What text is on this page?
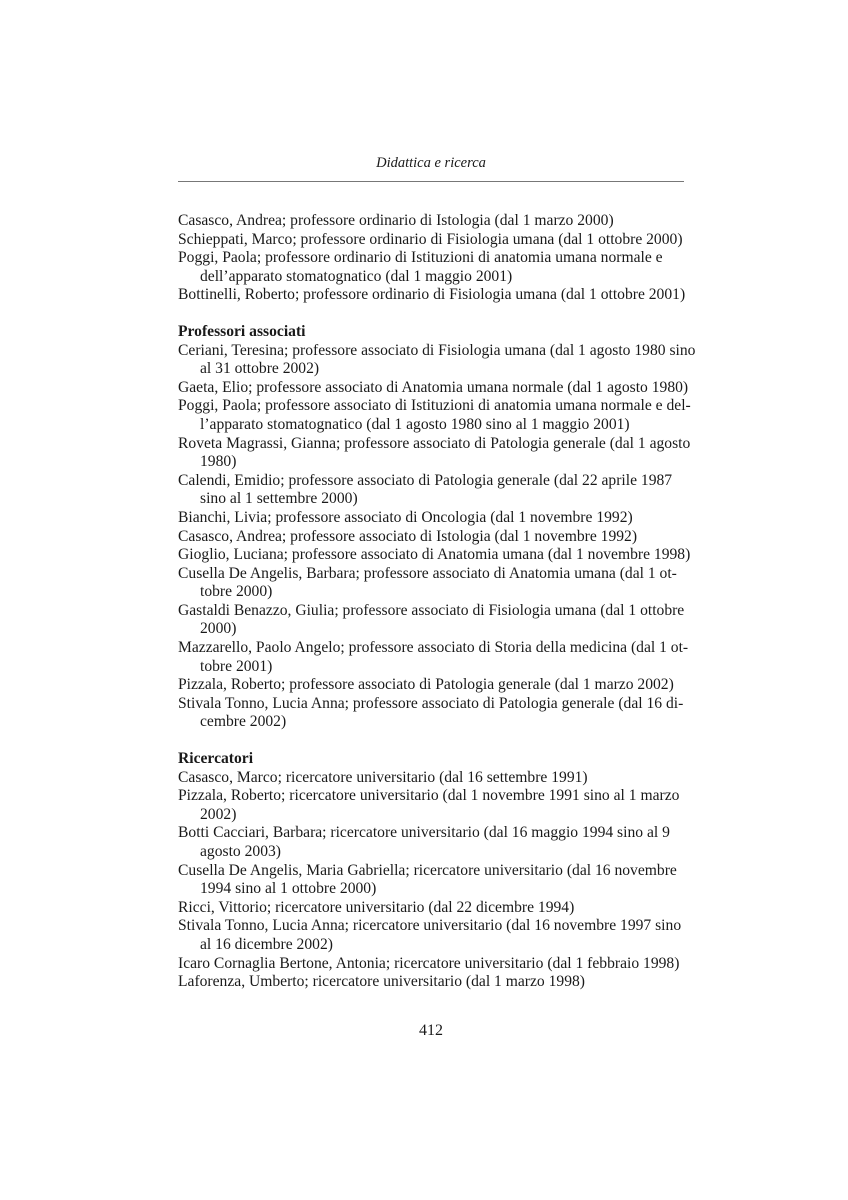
Didattica e ricerca
Casasco, Andrea; professore ordinario di Istologia (dal 1 marzo 2000)
Schieppati, Marco; professore ordinario di Fisiologia umana (dal 1 ottobre 2000)
Poggi, Paola; professore ordinario di Istituzioni di anatomia umana normale e
dell’apparato stomatognatico (dal 1 maggio 2001)
Bottinelli, Roberto; professore ordinario di Fisiologia umana (dal 1 ottobre 2001)
Professori associati
Ceriani, Teresina; professore associato di Fisiologia umana (dal 1 agosto 1980 sino
al 31 ottobre 2002)
Gaeta, Elio; professore associato di Anatomia umana normale (dal 1 agosto 1980)
Poggi, Paola; professore associato di Istituzioni di anatomia umana normale e del-
l’apparato stomatognatico (dal 1 agosto 1980 sino al 1 maggio 2001)
Roveta Magrassi, Gianna; professore associato di Patologia generale (dal 1 agosto
1980)
Calendi, Emidio; professore associato di Patologia generale (dal 22 aprile 1987
sino al 1 settembre 2000)
Bianchi, Livia; professore associato di Oncologia (dal 1 novembre 1992)
Casasco, Andrea; professore associato di Istologia (dal 1 novembre 1992)
Gioglio, Luciana; professore associato di Anatomia umana (dal 1 novembre 1998)
Cusella De Angelis, Barbara; professore associato di Anatomia umana (dal 1 ot-
tobre 2000)
Gastaldi Benazzo, Giulia; professore associato di Fisiologia umana (dal 1 ottobre
2000)
Mazzarello, Paolo Angelo; professore associato di Storia della medicina (dal 1 ot-
tobre 2001)
Pizzala, Roberto; professore associato di Patologia generale (dal 1 marzo 2002)
Stivala Tonno, Lucia Anna; professore associato di Patologia generale (dal 16 di-
cembre 2002)
Ricercatori
Casasco, Marco; ricercatore universitario (dal 16 settembre 1991)
Pizzala, Roberto; ricercatore universitario (dal 1 novembre 1991 sino al 1 marzo
2002)
Botti Cacciari, Barbara; ricercatore universitario (dal 16 maggio 1994 sino al 9
agosto 2003)
Cusella De Angelis, Maria Gabriella; ricercatore universitario (dal 16 novembre
1994 sino al 1 ottobre 2000)
Ricci, Vittorio; ricercatore universitario (dal 22 dicembre 1994)
Stivala Tonno, Lucia Anna; ricercatore universitario (dal 16 novembre 1997 sino
al 16 dicembre 2002)
Icaro Cornaglia Bertone, Antonia; ricercatore universitario (dal 1 febbraio 1998)
Laforenza, Umberto; ricercatore universitario (dal 1 marzo 1998)
412
